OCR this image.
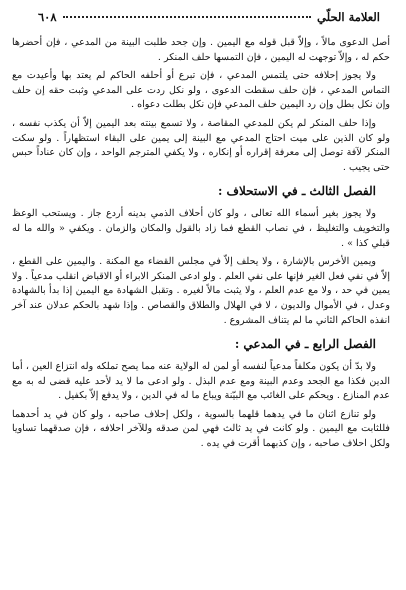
العلامة الحلّي
٦٠٨

أصل الدعوى مالاً ، وإلاّ قبل قوله مع اليمين . وإن جحد طلبت البينة من المدعي ، فإن أحضرها حكم له ، وإلاّ توجهت له اليمين ، فإن التمسها حلف المنكر .

ولا يجوز إحلافه حتى يلتمس المدعي ، فإن تبرع أو أحلفه الحاكم لم يعتد بها وأعيدت مع التماس المدعي ، فإن حلف سقطت الدعوى ، ولو نكل ردت على المدعي وثبت حقه إن حلف وإن نكل بطل وإن رد اليمين حلف المدعي فإن نكل بطلت دعواه .

وإذا حلف المنكر لم يكن للمدعي المقاصة ، ولا تسمع بينته بعد اليمين إلاّ أن يكذب نفسه ، ولو كان الذين على ميت احتاج المدعي مع البينة إلى يمين على البقاء استظهاراً . ولو سكت المنكر لآفة توصل إلى معرفة إقراره أو إنكاره ، ولا يكفي المترجم الواحد ، وإن كان عناداً حبس حتى يجيب .

الفصل الثالث ـ في الاستحلاف :

ولا يجوز بغير أسماء الله تعالى ، ولو كان أحلاف الذمي بدينه أردع جاز . ويستحب الوعظ والتخويف والتغليظ ، في نصاب القطع فما زاد بالقول والمكان والزمان . ويكفي « والله ما له قبلي كذا » .

ويمين الأخرس بالإشارة ، ولا يحلف إلاّ في مجلس القضاء مع المكنة . واليمين على القطع ، إلاّ في نفي فعل الغير فإنها على نفي العلم . ولو ادعى المنكر الابراء أو الاقباض انقلب مدعياً . ولا يمين في حد ، ولا مع عدم العلم ، ولا يثبت مالاً لغيره . وتقبل الشهادة مع اليمين إذا بدأ بالشهادة وعدل ، في الأموال والديون ، لا في الهلال والطلاق والقصاص . وإذا شهد بالحكم عدلان عند آخر انفذه الحاكم الثاني ما لم يتناف المشروع .

الفصل الرابع ـ في المدعي :

ولا بدّ أن يكون مكلفاً مدعياً لنفسه أو لمن له الولاية عنه مما يصح تملكه وله انتزاع العين ، أما الدين فكذا مع الجحد وعدم البينة ومع عدم البذل . ولو ادعى ما لا يد لأحد عليه قضى له به مع عدم المنازع . ويحكم على الغائب مع البيّنة ويباع ما له في الدين ، ولا يدفع إلاّ بكفيل .

ولو تنازع اثنان ما في يدهما قلهما بالسوية ، ولكل إحلاف صاحبه ، ولو كان في يد أحدهما فللثابت مع اليمين . ولو كانت في يد ثالث فهي لمن صدقه وللآخر احلافه ، فإن صدقهما تساويا ولكل احلاف صاحبه ، وإن كذبهما أقرت في يده .
